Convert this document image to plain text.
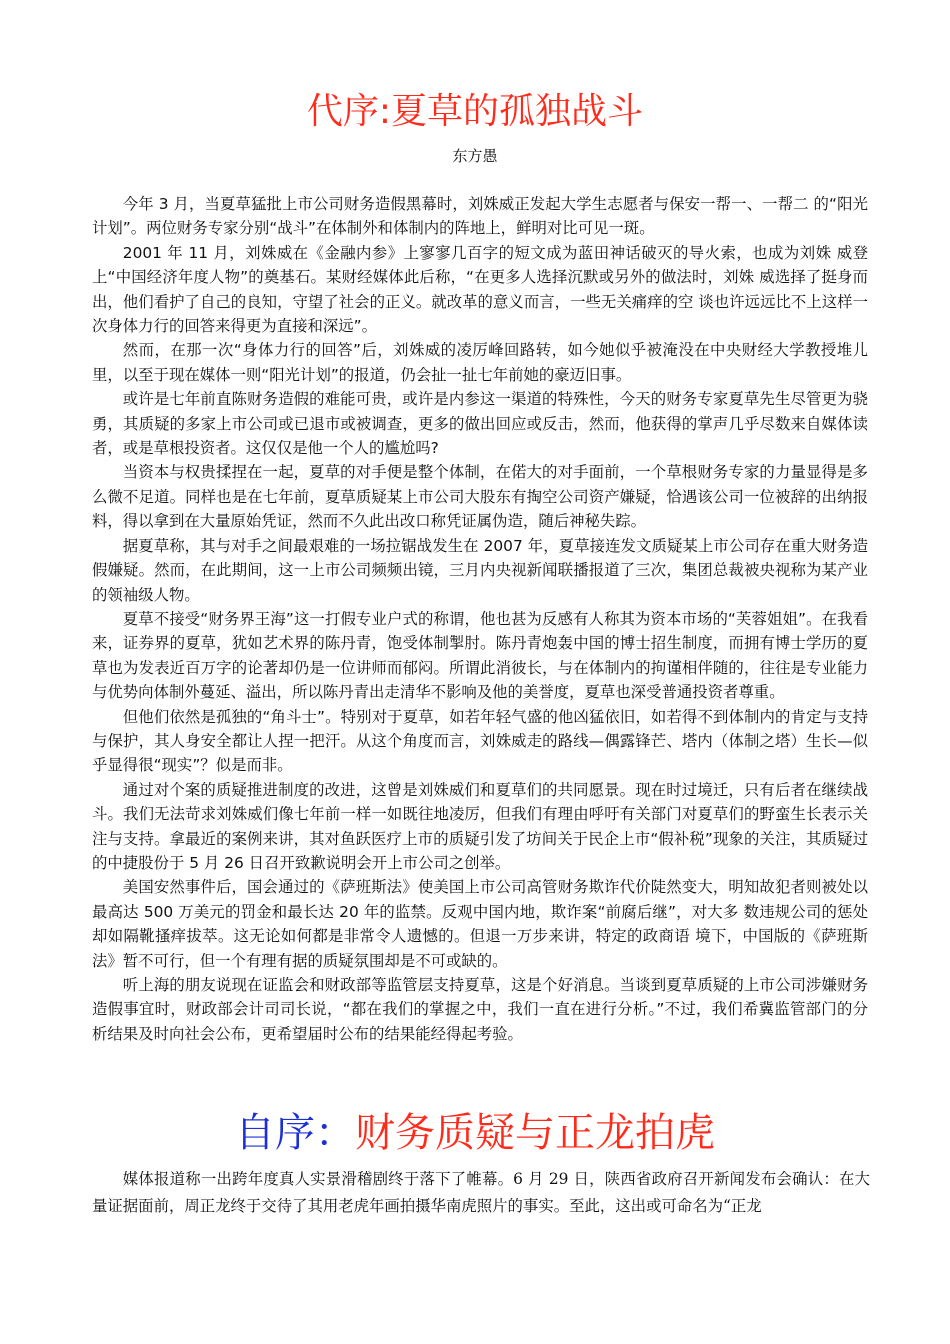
代序:夏草的孤独战斗
东方愚

今年 3 月，当夏草猛批上市公司财务造假黑幕时，刘姝威正发起大学生志愿者与保安一帮一、一帮二 的“阳光计划”。两位财务专家分别“战斗”在体制外和体制内的阵地上，鲜明对比可见一斑。

2001 年 11 月，刘姝威在《金融内参》上寥寥几百字的短文成为蓝田神话破灭的导火索，也成为刘姝 威登上“中国经济年度人物”的奠基石。某财经媒体此后称，“在更多人选择沉默或另外的做法时，刘姝 威选择了挺身而出，他们看护了自己的良知，守望了社会的正义。就改革的意义而言，一些无关痛痒的空 谈也许远远比不上这样一次身体力行的回答来得更为直接和深远”。

然而，在那一次“身体力行的回答”后，刘姝威的凌厉峰回路转，如今她似乎被淹没在中央财经大学教授堆儿里，以至于现在媒体一则“阳光计划”的报道，仍会扯一扯七年前她的豪迈旧事。

或许是七年前直陈财务造假的难能可贵，或许是内参这一渠道的特殊性，今天的财务专家夏草先生尽管更为骁勇，其质疑的多家上市公司或已退市或被调查，更多的做出回应或反击，然而，他获得的掌声几乎尽数来自媒体读者，或是草根投资者。这仅仅是他一个人的尴尬吗?

当资本与权贵揉捏在一起，夏草的对手便是整个体制，在偌大的对手面前，一个草根财务专家的力量显得是多么微不足道。同样也是在七年前，夏草质疑某上市公司大股东有掏空公司资产嫌疑，恰遇该公司一位被辞的出纳报料，得以拿到在大量原始凭证，然而不久此出改口称凭证属伪造，随后神秘失踪。

据夏草称，其与对手之间最艰难的一场拉锯战发生在 2007 年，夏草接连发文质疑某上市公司存在重大财务造假嫌疑。然而，在此期间，这一上市公司频频出镜，三月内央视新闻联播报道了三次，集团总裁被央视称为某产业的领袖级人物。

夏草不接受“财务界王海”这一打假专业户式的称谓，他也甚为反感有人称其为资本市场的“芙蓉姐姐”。在我看来，证券界的夏草，犹如艺术界的陈丹青，饱受体制掣肘。陈丹青炮轰中国的博士招生制度，而拥有博士学历的夏草也为发表近百万字的论著却仍是一位讲师而郁闷。所谓此消彼长，与在体制内的拘谨相伴随的，往往是专业能力与优势向体制外蔓延、溢出，所以陈丹青出走清华不影响及他的美誉度，夏草也深受普通投资者尊重。

但他们依然是孤独的“角斗士”。特别对于夏草，如若年轻气盛的他凶猛依旧，如若得不到体制内的肯定与支持与保护，其人身安全都让人捏一把汗。从这个角度而言，刘姝威走的路线—偶露锋芒、塔内（体制之塔）生长—似乎显得很“现实”？似是而非。

通过对个案的质疑推进制度的改进，这曾是刘姝威们和夏草们的共同愿景。现在时过境迁，只有后者在继续战斗。我们无法苛求刘姝威们像七年前一样一如既往地凌厉，但我们有理由呼吁有关部门对夏草们的野蛮生长表示关注与支持。拿最近的案例来讲，其对鱼跃医疗上市的质疑引发了坊间关于民企上市“假补税”现象的关注，其质疑过的中捷股份于 5 月 26 日召开致歉说明会开上市公司之创举。

美国安然事件后，国会通过的《萨班斯法》使美国上市公司高管财务欺诈代价陡然变大，明知故犯者则被处以最高达 500 万美元的罚金和最长达 20 年的监禁。反观中国内地，欺诈案“前腐后继”，对大多 数违规公司的惩处却如隔靴搔痒拔萃。这无论如何都是非常令人遗憾的。但退一万步来讲，特定的政商语 境下，中国版的《萨班斯法》暂不可行，但一个有理有据的质疑氛围却是不可或缺的。

听上海的朋友说现在证监会和财政部等监管层支持夏草，这是个好消息。当谈到夏草质疑的上市公司涉嫌财务造假事宜时，财政部会计司司长说，“都在我们的掌握之中，我们一直在进行分析。”不过，我们希冀监管部门的分析结果及时向社会公布，更希望届时公布的结果能经得起考验。

自序：财务质疑与正龙拍虎

媒体报道称一出跨年度真人实景滑稽剧终于落下了帷幕。6 月 29 日，陕西省政府召开新闻发布会确认：在大量证据面前，周正龙终于交待了其用老虎年画拍摄华南虎照片的事实。至此，这出或可命名为“正龙
